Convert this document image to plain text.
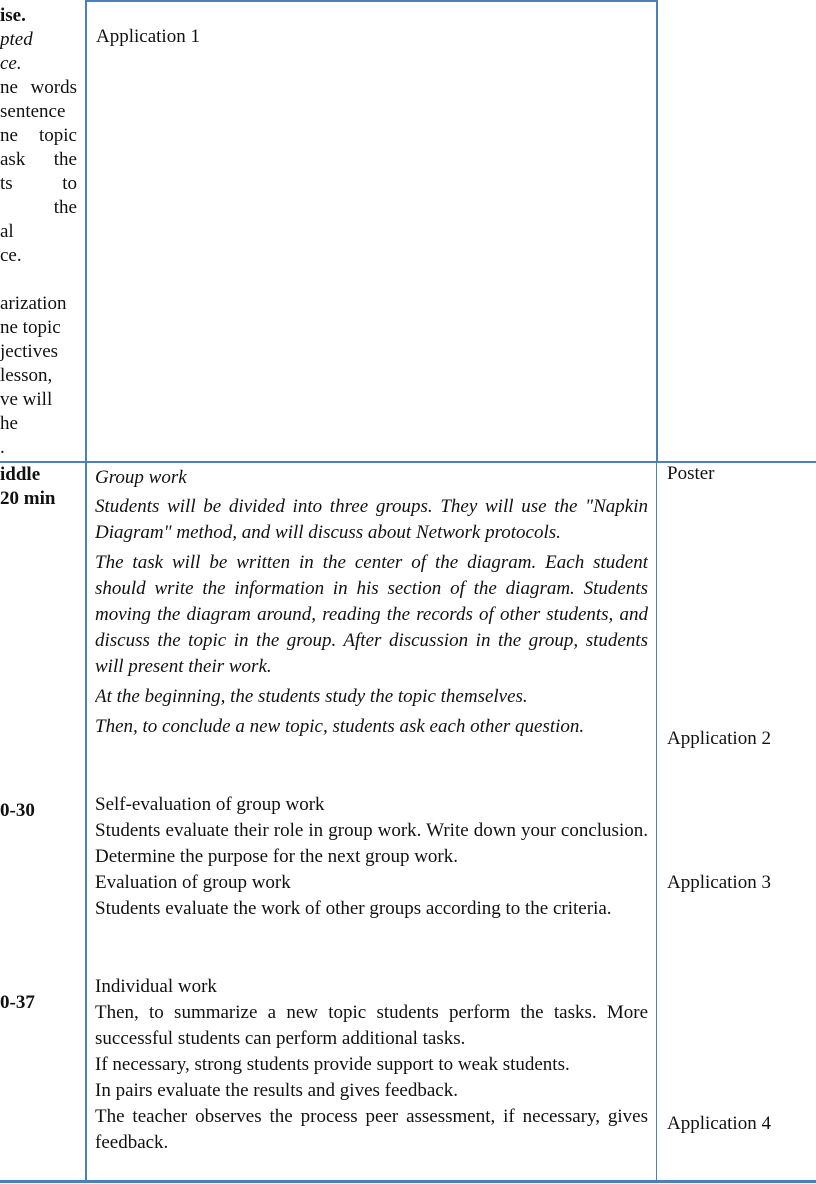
ise.
pted
ce.
ne  words
sentence
ne  topic
ask    the
ts       to
the
al
ce.
arization
ne topic
jectives
lesson,
ve will
he
.
iddle
20 min
0-30
0-37
Application 1

Group work

Students will be divided into three groups. They will use the "Napkin Diagram" method, and will discuss about Network protocols.

The task will be written in the center of the diagram. Each student should write the information in his section of the diagram. Students moving the diagram around, reading the records of other students, and discuss the topic in the group. After discussion in the group, students will present their work.

At the beginning, the students study the topic themselves.

Then, to conclude a new topic, students ask each other question.

Self-evaluation of group work

Students evaluate their role in group work. Write down your conclusion. Determine the purpose for the next group work.

Evaluation of group work

Students evaluate the work of other groups according to the criteria.

Individual work

Then, to summarize a new topic students perform the tasks. More successful students can perform additional tasks.

If necessary, strong students provide support to weak students.

In pairs evaluate the results and gives feedback.

The teacher observes the process peer assessment, if necessary, gives feedback.

Poster
Application 2
Application 3
Application 4
